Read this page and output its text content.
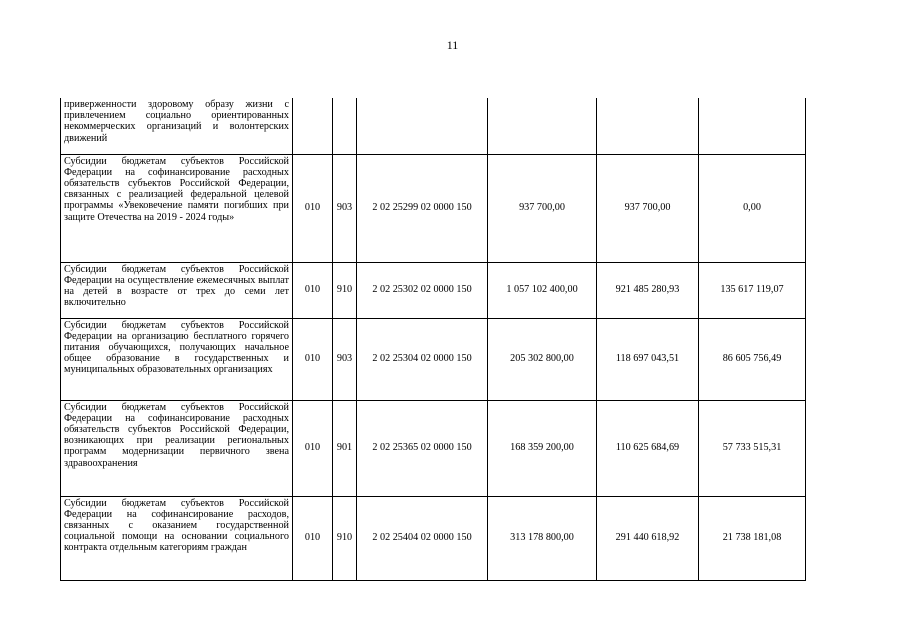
11
приверженности здоровому образу жизни с привлечением социально ориентированных некоммерческих организаций и волонтерских движений						
Субсидии бюджетам субъектов Российской Федерации на софинансирование расходных обязательств субъектов Российской Федерации, связанных с реализацией федеральной целевой программы «Увековечение памяти погибших при защите Отечества на 2019 - 2024 годы»	010	903	2 02 25299 02 0000 150	937 700,00	937 700,00	0,00
Субсидии бюджетам субъектов Российской Федерации на осуществление ежемесячных выплат на детей в возрасте от трех до семи лет включительно	010	910	2 02 25302 02 0000 150	1 057 102 400,00	921 485 280,93	135 617 119,07
Субсидии бюджетам субъектов Российской Федерации на организацию бесплатного горячего питания обучающихся, получающих начальное общее образование в государственных и муниципальных образовательных организациях	010	903	2 02 25304 02 0000 150	205 302 800,00	118 697 043,51	86 605 756,49
Субсидии бюджетам субъектов Российской Федерации на софинансирование расходных обязательств субъектов Российской Федерации, возникающих при реализации региональных программ модернизации первичного звена здравоохранения	010	901	2 02 25365 02 0000 150	168 359 200,00	110 625 684,69	57 733 515,31
Субсидии бюджетам субъектов Российской Федерации на софинансирование расходов, связанных с оказанием государственной социальной помощи на основании социального контракта отдельным категориям граждан	010	910	2 02 25404 02 0000 150	313 178 800,00	291 440 618,92	21 738 181,08
